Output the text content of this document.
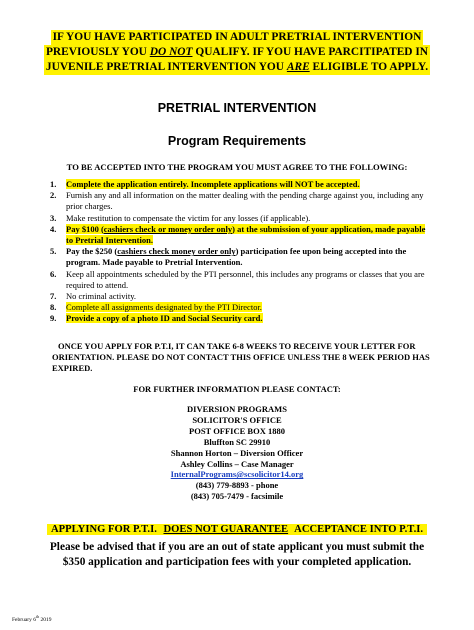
IF YOU HAVE PARTICIPATED IN ADULT PRETRIAL INTERVENTION
PREVIOUSLY YOU DO NOT QUALIFY. IF YOU HAVE PARCITIPATED IN
JUVENILE PRETRIAL INTERVENTION YOU ARE ELIGIBLE TO APPLY.
PRETRIAL INTERVENTION
Program Requirements
TO BE ACCEPTED INTO THE PROGRAM YOU MUST AGREE TO THE FOLLOWING:
1. Complete the application entirely. Incomplete applications will NOT be accepted.
2. Furnish any and all information on the matter dealing with the pending charge against you, including any prior charges.
3. Make restitution to compensate the victim for any losses (if applicable).
4. Pay $100 (cashiers check or money order only) at the submission of your application, made payable to Pretrial Intervention.
5. Pay the $250 (cashiers check money order only) participation fee upon being accepted into the program. Made payable to Pretrial Intervention.
6. Keep all appointments scheduled by the PTI personnel, this includes any programs or classes that you are required to attend.
7. No criminal activity.
8. Complete all assignments designated by the PTI Director.
9. Provide a copy of a photo ID and Social Security card.
ONCE YOU APPLY FOR P.T.I, IT CAN TAKE 6-8 WEEKS TO RECEIVE YOUR LETTER FOR ORIENTATION. PLEASE DO NOT CONTACT THIS OFFICE UNLESS THE 8 WEEK PERIOD HAS EXPIRED.
FOR FURTHER INFORMATION PLEASE CONTACT:
DIVERSION PROGRAMS
SOLICITOR'S OFFICE
POST OFFICE BOX 1880
Bluffton SC 29910
Shannon Horton – Diversion Officer
Ashley Collins – Case Manager
InternalPrograms@scsolicitor14.org
(843) 779-8893 - phone
(843) 705-7479 - facsimile
APPLYING FOR P.T.I. DOES NOT GUARANTEE ACCEPTANCE INTO P.T.I.
Please be advised that if you are an out of state applicant you must submit the
$350 application and participation fees with your completed application.
February 6th 2019
